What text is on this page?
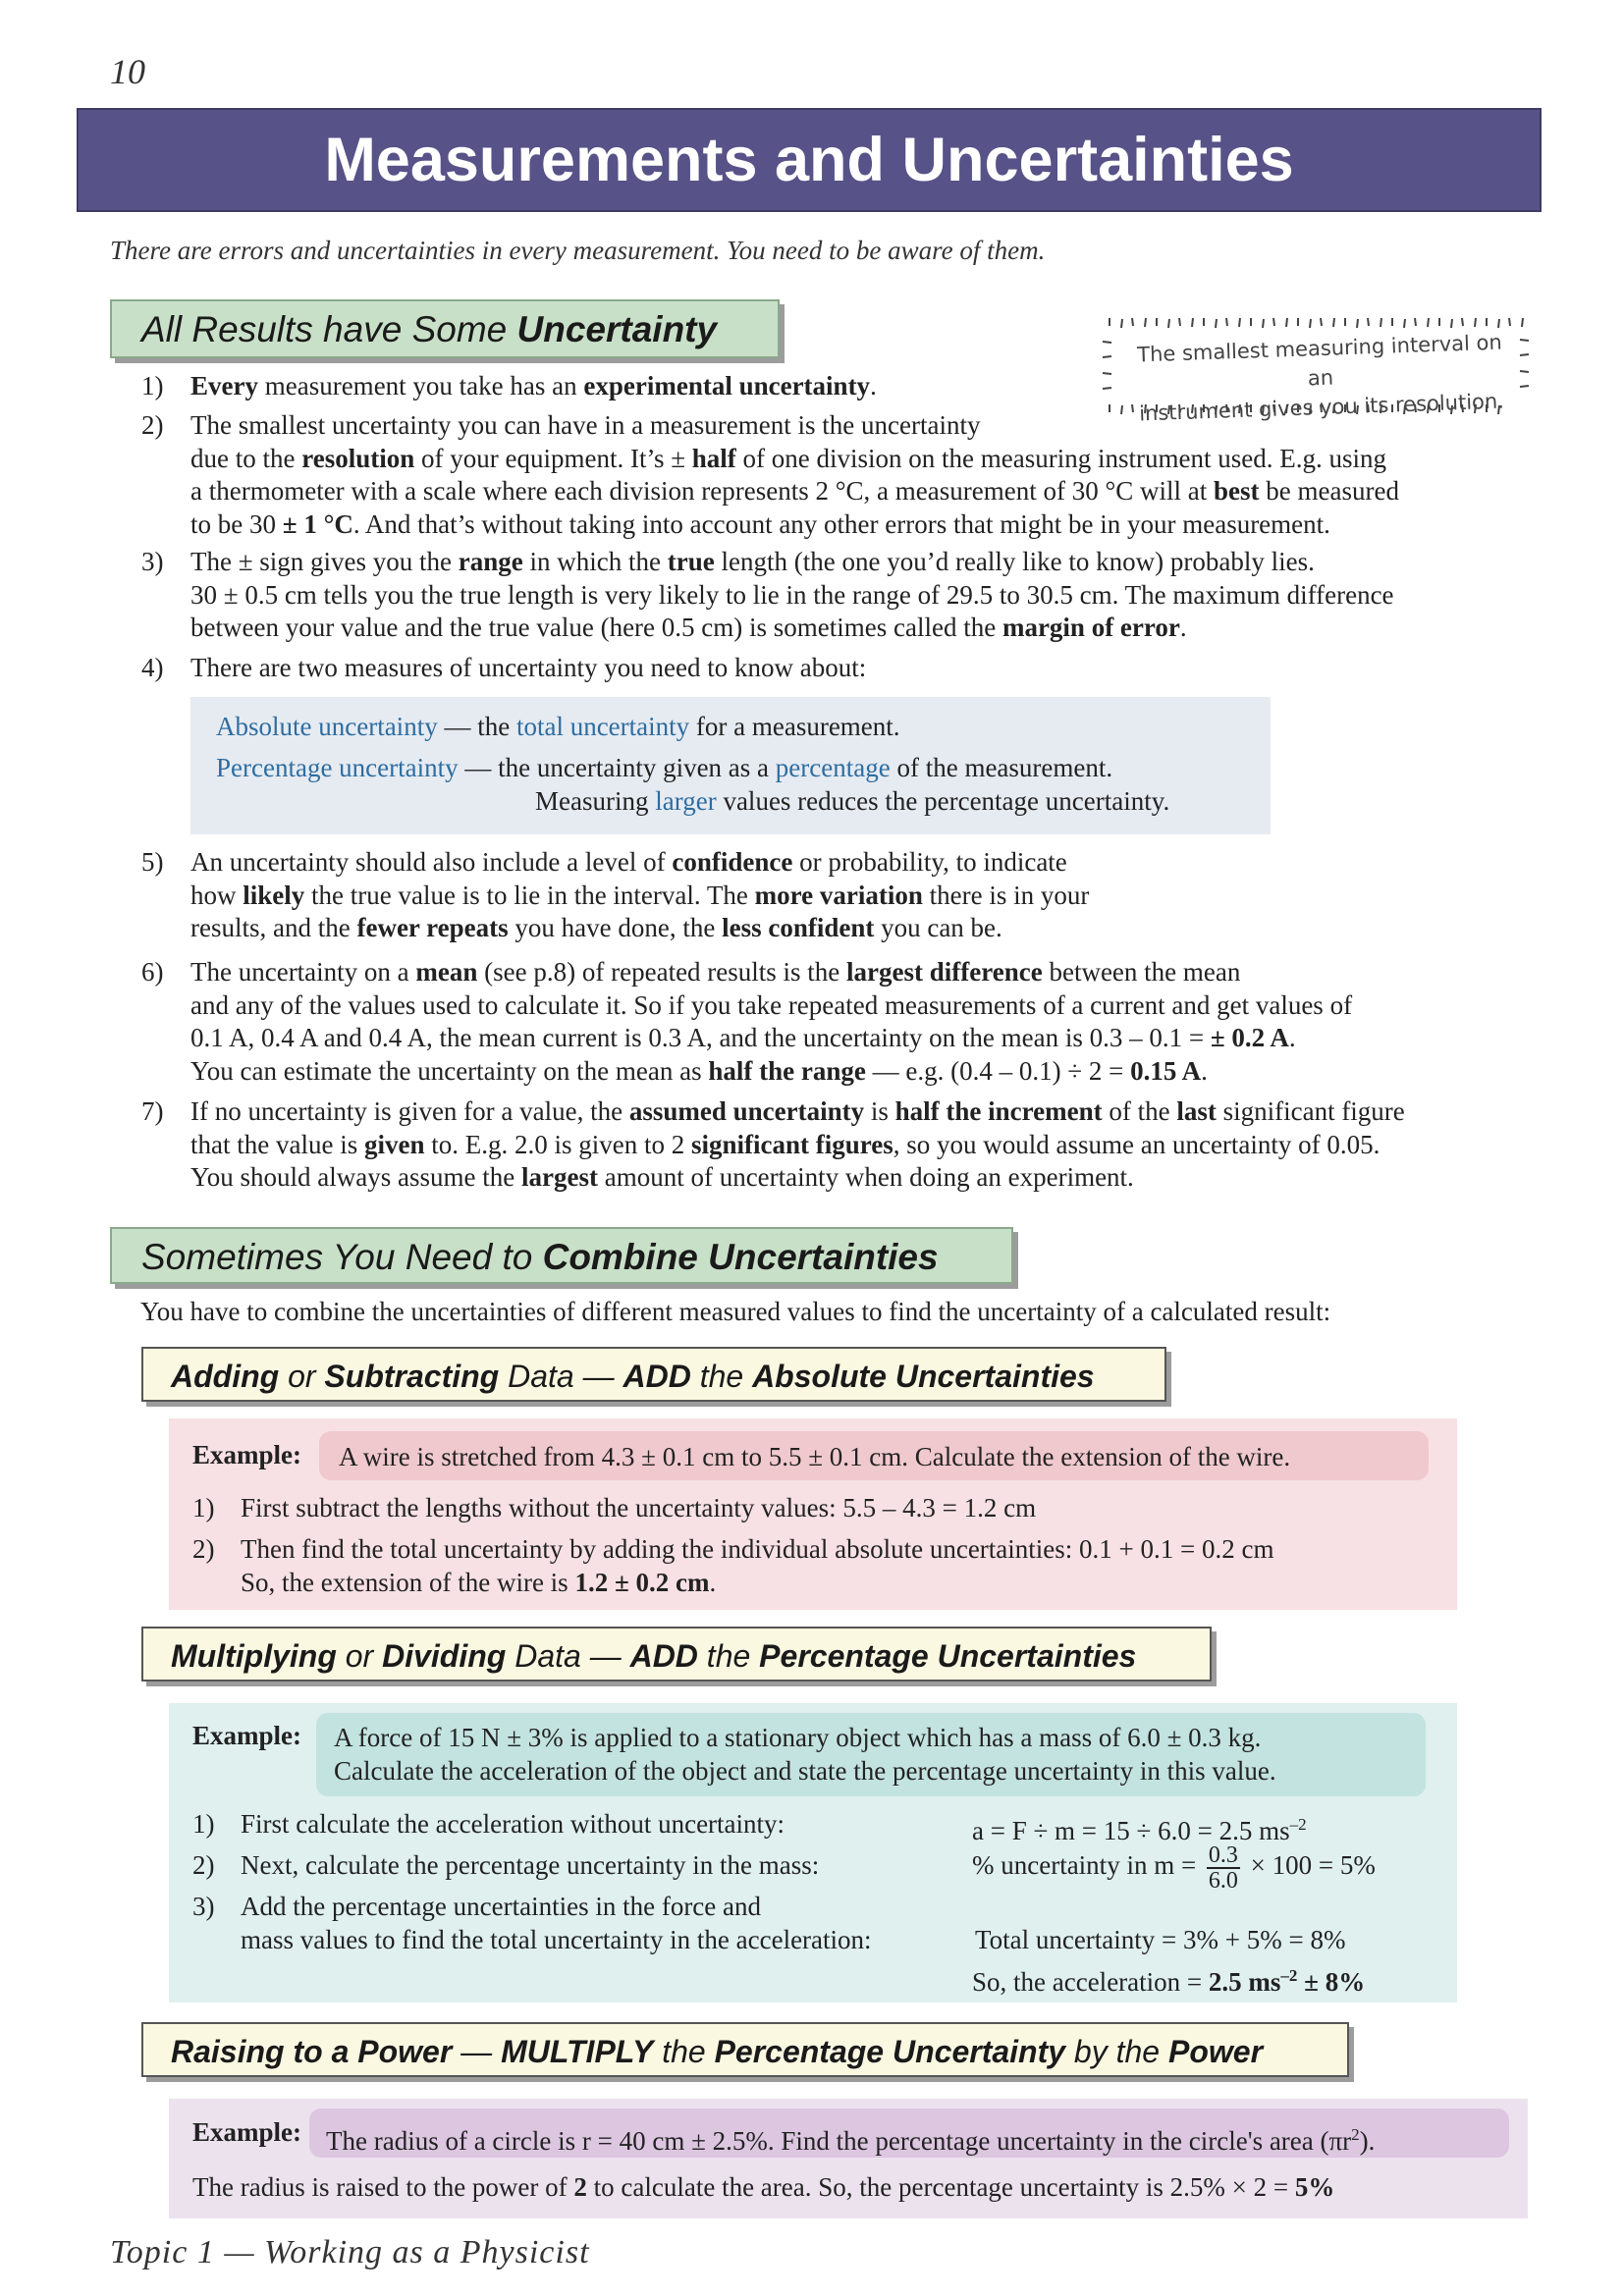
10
Measurements and Uncertainties
There are errors and uncertainties in every measurement. You need to be aware of them.
All Results have Some Uncertainty	The smallest measuring interval on an
instrument gives you its resolution.
1) Every measurement you take has an experimental uncertainty.
2) The smallest uncertainty you can have in a measurement is the uncertainty
due to the resolution of your equipment. It’s ± half of one division on the measuring instrument used. E.g. using
a thermometer with a scale where each division represents 2 °C, a measurement of 30 °C will at best be measured
to be 30 ± 1 °C. And that’s without taking into account any other errors that might be in your measurement.
3) The ± sign gives you the range in which the true length (the one you’d really like to know) probably lies.
30 ± 0.5 cm tells you the true length is very likely to lie in the range of 29.5 to 30.5 cm. The maximum difference
between your value and the true value (here 0.5 cm) is sometimes called the margin of error.
4) There are two measures of uncertainty you need to know about:
Absolute uncertainty — the total uncertainty for a measurement.
Percentage uncertainty — the uncertainty given as a percentage of the measurement.
Measuring larger values reduces the percentage uncertainty.
5) An uncertainty should also include a level of confidence or probability, to indicate
how likely the true value is to lie in the interval. The more variation there is in your
results, and the fewer repeats you have done, the less confident you can be.
6) The uncertainty on a mean (see p.8) of repeated results is the largest difference between the mean
and any of the values used to calculate it. So if you take repeated measurements of a current and get values of
0.1 A, 0.4 A and 0.4 A, the mean current is 0.3 A, and the uncertainty on the mean is 0.3 – 0.1 = ± 0.2 A.
You can estimate the uncertainty on the mean as half the range — e.g. (0.4 – 0.1) ÷ 2 = 0.15 A.
7) If no uncertainty is given for a value, the assumed uncertainty is half the increment of the last significant figure
that the value is given to. E.g. 2.0 is given to 2 significant figures, so you would assume an uncertainty of 0.05.
You should always assume the largest amount of uncertainty when doing an experiment.
Sometimes You Need to Combine Uncertainties
You have to combine the uncertainties of different measured values to find the uncertainty of a calculated result:
Adding or Subtracting Data — ADD the Absolute Uncertainties
Example: A wire is stretched from 4.3 ± 0.1 cm to 5.5 ± 0.1 cm. Calculate the extension of the wire.
1) First subtract the lengths without the uncertainty values: 5.5 – 4.3 = 1.2 cm
2) Then find the total uncertainty by adding the individual absolute uncertainties: 0.1 + 0.1 = 0.2 cm
So, the extension of the wire is 1.2 ± 0.2 cm.
Multiplying or Dividing Data — ADD the Percentage Uncertainties
Example: A force of 15 N ± 3% is applied to a stationary object which has a mass of 6.0 ± 0.3 kg.
Calculate the acceleration of the object and state the percentage uncertainty in this value.
1) First calculate the acceleration without uncertainty:	a = F ÷ m = 15 ÷ 6.0 = 2.5 $ms^{-2}$
2) Next, calculate the percentage uncertainty in the mass:	% uncertainty in $m = \frac{0.3}{6.0} \times 100 = 5\%$
3) Add the percentage uncertainties in the force and
mass values to find the total uncertainty in the acceleration:	Total uncertainty = 3% + 5% = 8%
So, the acceleration = 2.5 $ms^{-2} \pm 8\%$
Raising to a Power — MULTIPLY the Percentage Uncertainty by the Power
Example: The radius of a circle is r = 40 cm ± 2.5%. Find the percentage uncertainty in the circle's area $(\pi r^2)$.
The radius is raised to the power of 2 to calculate the area. So, the percentage uncertainty is 2.5% × 2 = 5%
Topic 1 — Working as a Physicist
